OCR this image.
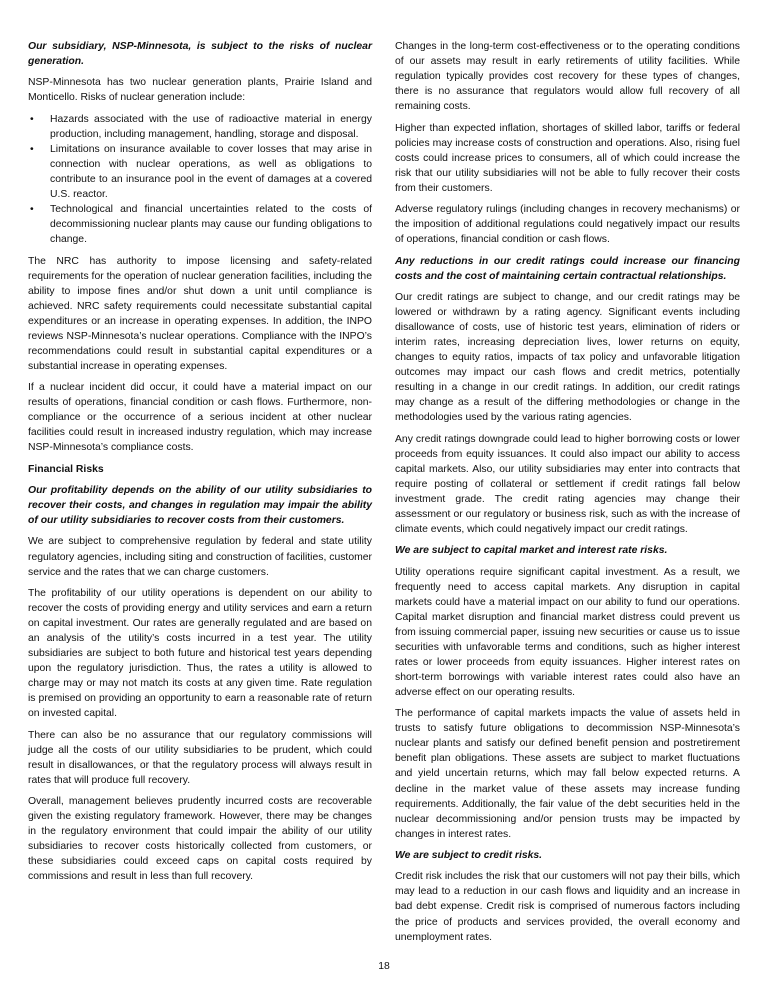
Our subsidiary, NSP-Minnesota, is subject to the risks of nuclear generation.

NSP-Minnesota has two nuclear generation plants, Prairie Island and Monticello. Risks of nuclear generation include:

• Hazards associated with the use of radioactive material in energy production, including management, handling, storage and disposal.
• Limitations on insurance available to cover losses that may arise in connection with nuclear operations, as well as obligations to contribute to an insurance pool in the event of damages at a covered U.S. reactor.
• Technological and financial uncertainties related to the costs of decommissioning nuclear plants may cause our funding obligations to change.

The NRC has authority to impose licensing and safety-related requirements for the operation of nuclear generation facilities, including the ability to impose fines and/or shut down a unit until compliance is achieved. NRC safety requirements could necessitate substantial capital expenditures or an increase in operating expenses. In addition, the INPO reviews NSP-Minnesota’s nuclear operations. Compliance with the INPO’s recommendations could result in substantial capital expenditures or a substantial increase in operating expenses.

If a nuclear incident did occur, it could have a material impact on our results of operations, financial condition or cash flows. Furthermore, non-compliance or the occurrence of a serious incident at other nuclear facilities could result in increased industry regulation, which may increase NSP-Minnesota’s compliance costs.

Financial Risks

Our profitability depends on the ability of our utility subsidiaries to recover their costs, and changes in regulation may impair the ability of our utility subsidiaries to recover costs from their customers.

We are subject to comprehensive regulation by federal and state utility regulatory agencies, including siting and construction of facilities, customer service and the rates that we can charge customers.

The profitability of our utility operations is dependent on our ability to recover the costs of providing energy and utility services and earn a return on capital investment. Our rates are generally regulated and are based on an analysis of the utility’s costs incurred in a test year. The utility subsidiaries are subject to both future and historical test years depending upon the regulatory jurisdiction. Thus, the rates a utility is allowed to charge may or may not match its costs at any given time. Rate regulation is premised on providing an opportunity to earn a reasonable rate of return on invested capital.

There can also be no assurance that our regulatory commissions will judge all the costs of our utility subsidiaries to be prudent, which could result in disallowances, or that the regulatory process will always result in rates that will produce full recovery.

Overall, management believes prudently incurred costs are recoverable given the existing regulatory framework. However, there may be changes in the regulatory environment that could impair the ability of our utility subsidiaries to recover costs historically collected from customers, or these subsidiaries could exceed caps on capital costs required by commissions and result in less than full recovery.

Changes in the long-term cost-effectiveness or to the operating conditions of our assets may result in early retirements of utility facilities. While regulation typically provides cost recovery for these types of changes, there is no assurance that regulators would allow full recovery of all remaining costs.

Higher than expected inflation, shortages of skilled labor, tariffs or federal policies may increase costs of construction and operations. Also, rising fuel costs could increase prices to consumers, all of which could increase the risk that our utility subsidiaries will not be able to fully recover their costs from their customers.

Adverse regulatory rulings (including changes in recovery mechanisms) or the imposition of additional regulations could negatively impact our results of operations, financial condition or cash flows.

Any reductions in our credit ratings could increase our financing costs and the cost of maintaining certain contractual relationships.

Our credit ratings are subject to change, and our credit ratings may be lowered or withdrawn by a rating agency. Significant events including disallowance of costs, use of historic test years, elimination of riders or interim rates, increasing depreciation lives, lower returns on equity, changes to equity ratios, impacts of tax policy and unfavorable litigation outcomes may impact our cash flows and credit metrics, potentially resulting in a change in our credit ratings. In addition, our credit ratings may change as a result of the differing methodologies or change in the methodologies used by the various rating agencies.

Any credit ratings downgrade could lead to higher borrowing costs or lower proceeds from equity issuances. It could also impact our ability to access capital markets. Also, our utility subsidiaries may enter into contracts that require posting of collateral or settlement if credit ratings fall below investment grade. The credit rating agencies may change their assessment or our regulatory or business risk, such as with the increase of climate events, which could negatively impact our credit ratings.

We are subject to capital market and interest rate risks.

Utility operations require significant capital investment. As a result, we frequently need to access capital markets. Any disruption in capital markets could have a material impact on our ability to fund our operations. Capital market disruption and financial market distress could prevent us from issuing commercial paper, issuing new securities or cause us to issue securities with unfavorable terms and conditions, such as higher interest rates or lower proceeds from equity issuances. Higher interest rates on short-term borrowings with variable interest rates could also have an adverse effect on our operating results.

The performance of capital markets impacts the value of assets held in trusts to satisfy future obligations to decommission NSP-Minnesota’s nuclear plants and satisfy our defined benefit pension and postretirement benefit plan obligations. These assets are subject to market fluctuations and yield uncertain returns, which may fall below expected returns. A decline in the market value of these assets may increase funding requirements. Additionally, the fair value of the debt securities held in the nuclear decommissioning and/or pension trusts may be impacted by changes in interest rates.

We are subject to credit risks.

Credit risk includes the risk that our customers will not pay their bills, which may lead to a reduction in our cash flows and liquidity and an increase in bad debt expense. Credit risk is comprised of numerous factors including the price of products and services provided, the overall economy and unemployment rates.

18
